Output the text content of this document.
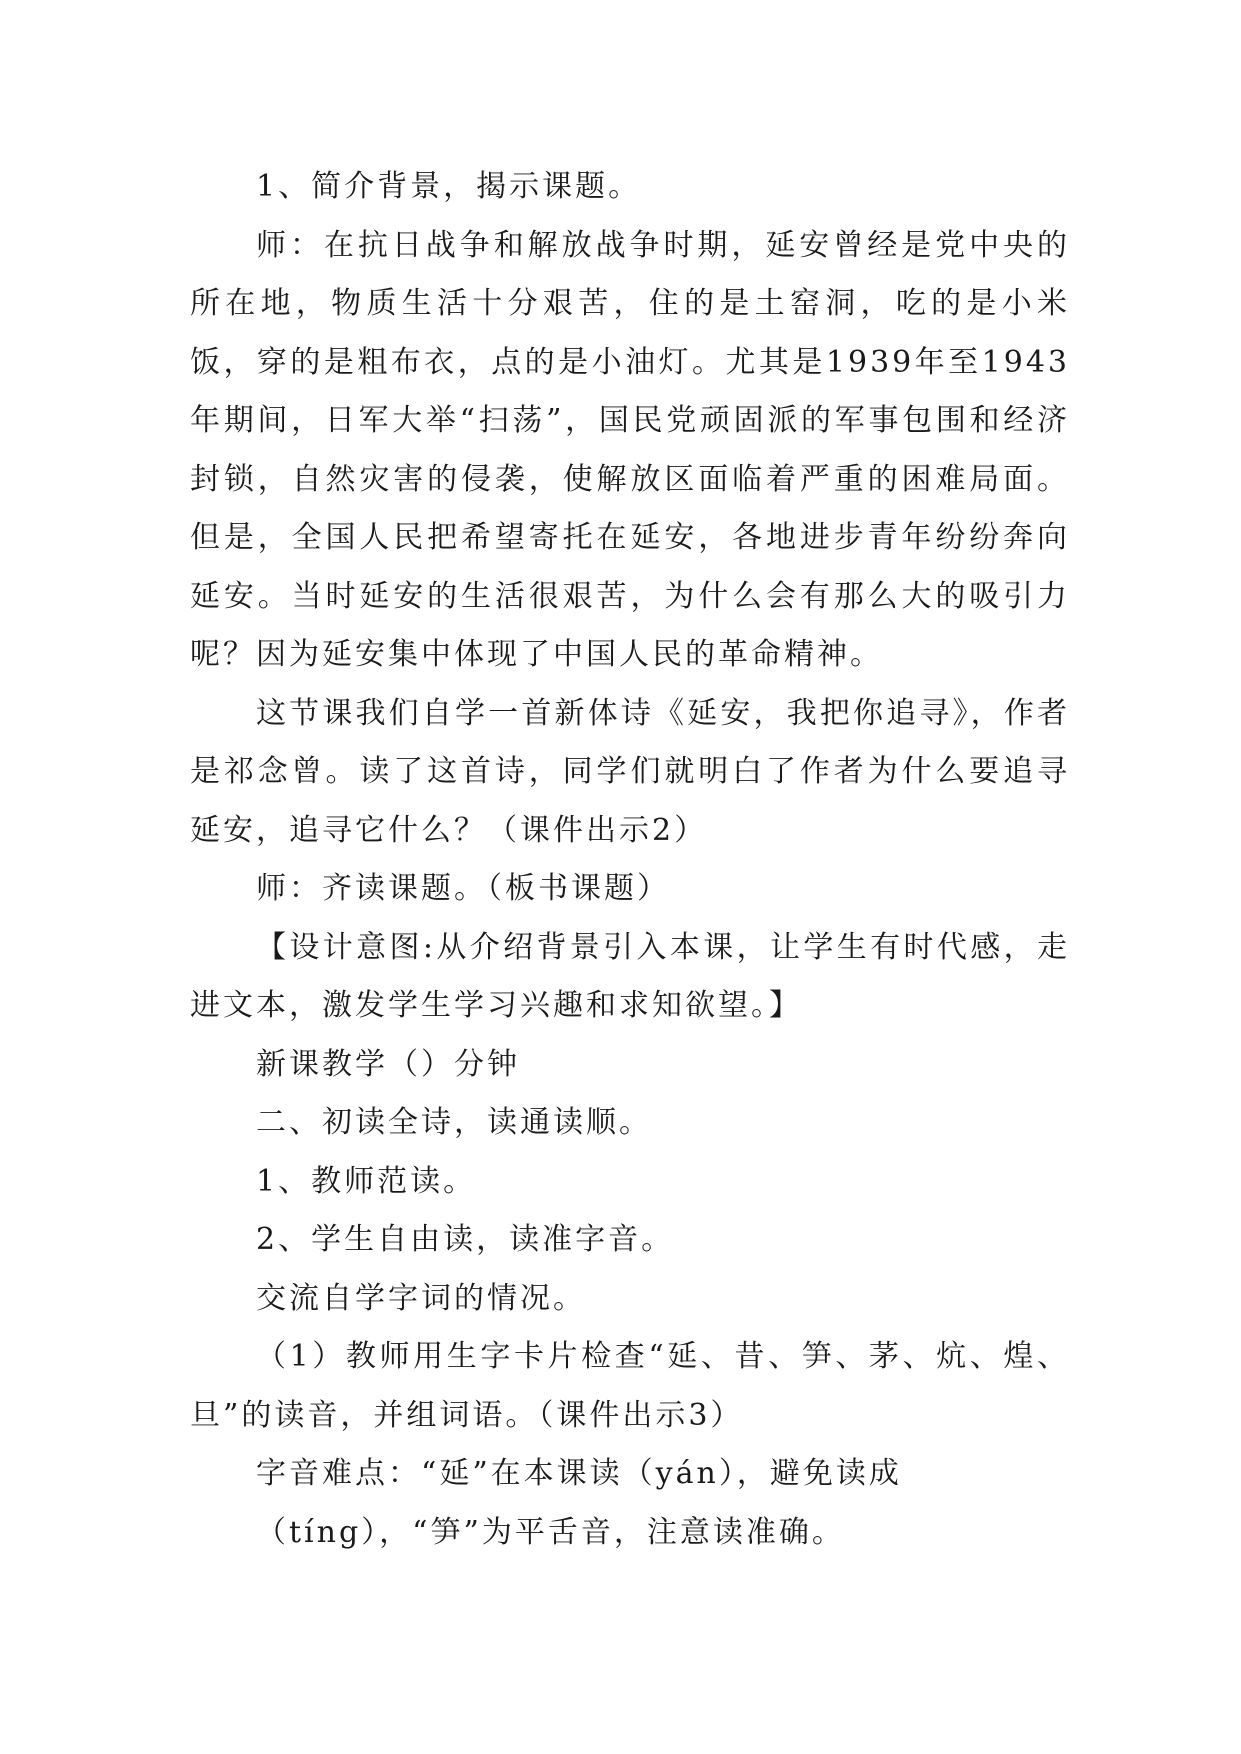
1、简介背景，揭示课题。

师：在抗日战争和解放战争时期，延安曾经是党中央的所在地，物质生活十分艰苦，住的是土窑洞，吃的是小米饭，穿的是粗布衣，点的是小油灯。尤其是1939年至1943年期间，日军大举“扫荡”，国民党顽固派的军事包围和经济封锁，自然灾害的侵袭，使解放区面临着严重的困难局面。但是，全国人民把希望寄托在延安，各地进步青年纷纷奔向延安。当时延安的生活很艰苦，为什么会有那么大的吸引力呢？因为延安集中体现了中国人民的革命精神。

这节课我们自学一首新体诗《延安，我把你追寻》，作者是祁念曾。读了这首诗，同学们就明白了作者为什么要追寻延安，追寻它什么？（课件出示2）

师：齐读课题。（板书课题）

【设计意图:从介绍背景引入本课，让学生有时代感，走进文本，激发学生学习兴趣和求知欲望。】

新课教学（）分钟

二、初读全诗，读通读顺。

1、教师范读。

2、学生自由读，读准字音。

交流自学字词的情况。

（1）教师用生字卡片检查“延、昔、笋、茅、炕、煌、旦”的读音，并组词语。（课件出示3）

字音难点：“延”在本课读（yán），避免读成

（tíng），“笋”为平舌音，注意读准确。
